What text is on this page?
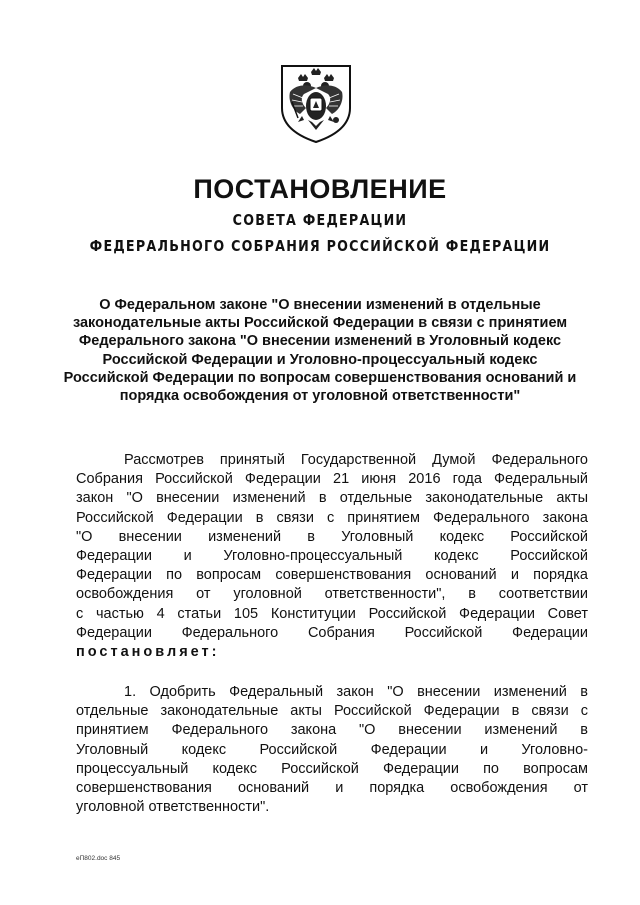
ПОСТАНОВЛЕНИЕ
СОВЕТА ФЕДЕРАЦИИ
ФЕДЕРАЛЬНОГО СОБРАНИЯ РОССИЙСКОЙ ФЕДЕРАЦИИ
О Федеральном законе "О внесении изменений в отдельные
законодательные акты Российской Федерации в связи с принятием
Федерального закона "О внесении изменений в Уголовный кодекс
Российской Федерации и Уголовно-процессуальный кодекс
Российской Федерации по вопросам совершенствования оснований и
порядка освобождения от уголовной ответственности"
Рассмотрев принятый Государственной Думой Федерального
Собрания Российской Федерации 21 июня 2016 года Федеральный
закон "О внесении изменений в отдельные законодательные акты
Российской Федерации в связи с принятием Федерального закона
"О внесении изменений в Уголовный кодекс Российской
Федерации и Уголовно-процессуальный кодекс Российской
Федерации по вопросам совершенствования оснований и порядка
освобождения от уголовной ответственности", в соответствии
с частью 4 статьи 105 Конституции Российской Федерации Совет
Федерации Федерального Собрания Российской Федерации
постановляет:
1. Одобрить Федеральный закон "О внесении изменений в
отдельные законодательные акты Российской Федерации в связи с
принятием Федерального закона "О внесении изменений в
Уголовный кодекс Российской Федерации и Уголовно-
процессуальный кодекс Российской Федерации по вопросам
совершенствования оснований и порядка освобождения от
уголовной ответственности".
еП802.doc 845
